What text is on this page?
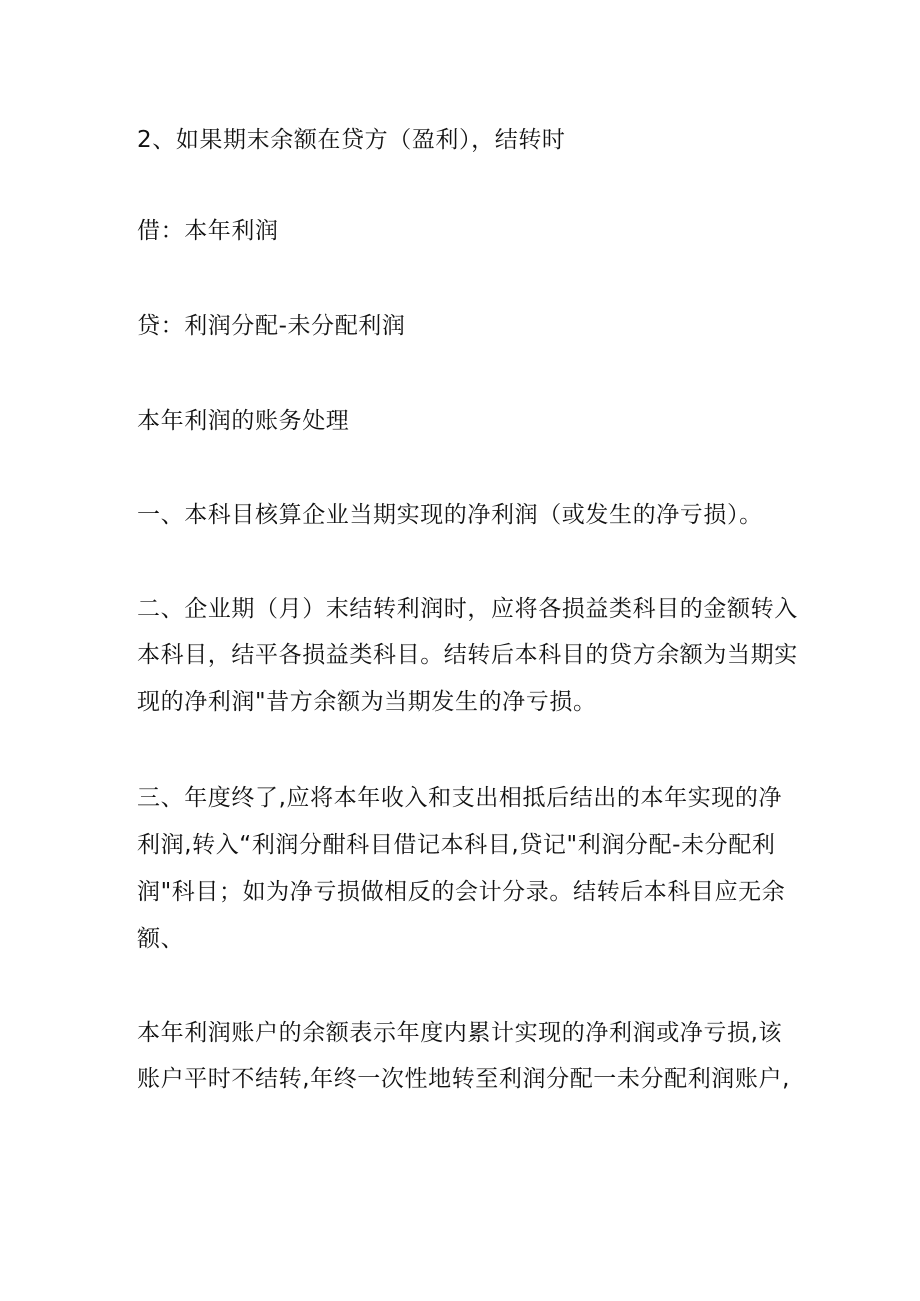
2、如果期末余额在贷方（盈利），结转时

借：本年利润

贷：利润分配-未分配利润

本年利润的账务处理

一、本科目核算企业当期实现的净利润（或发生的净亏损）。

二、企业期（月）末结转利润时，应将各损益类科目的金额转入

本科目，结平各损益类科目。结转后本科目的贷方余额为当期实

现的净利润"昔方余额为当期发生的净亏损。

三、年度终了,应将本年收入和支出相抵后结出的本年实现的净

利润,转入“利润分酣科目借记本科目,贷记"利润分配-未分配利

润"科目；如为净亏损做相反的会计分录。结转后本科目应无余

额、

本年利润账户的余额表示年度内累计实现的净利润或净亏损,该

账户平时不结转,年终一次性地转至利润分配一未分配利润账户,
